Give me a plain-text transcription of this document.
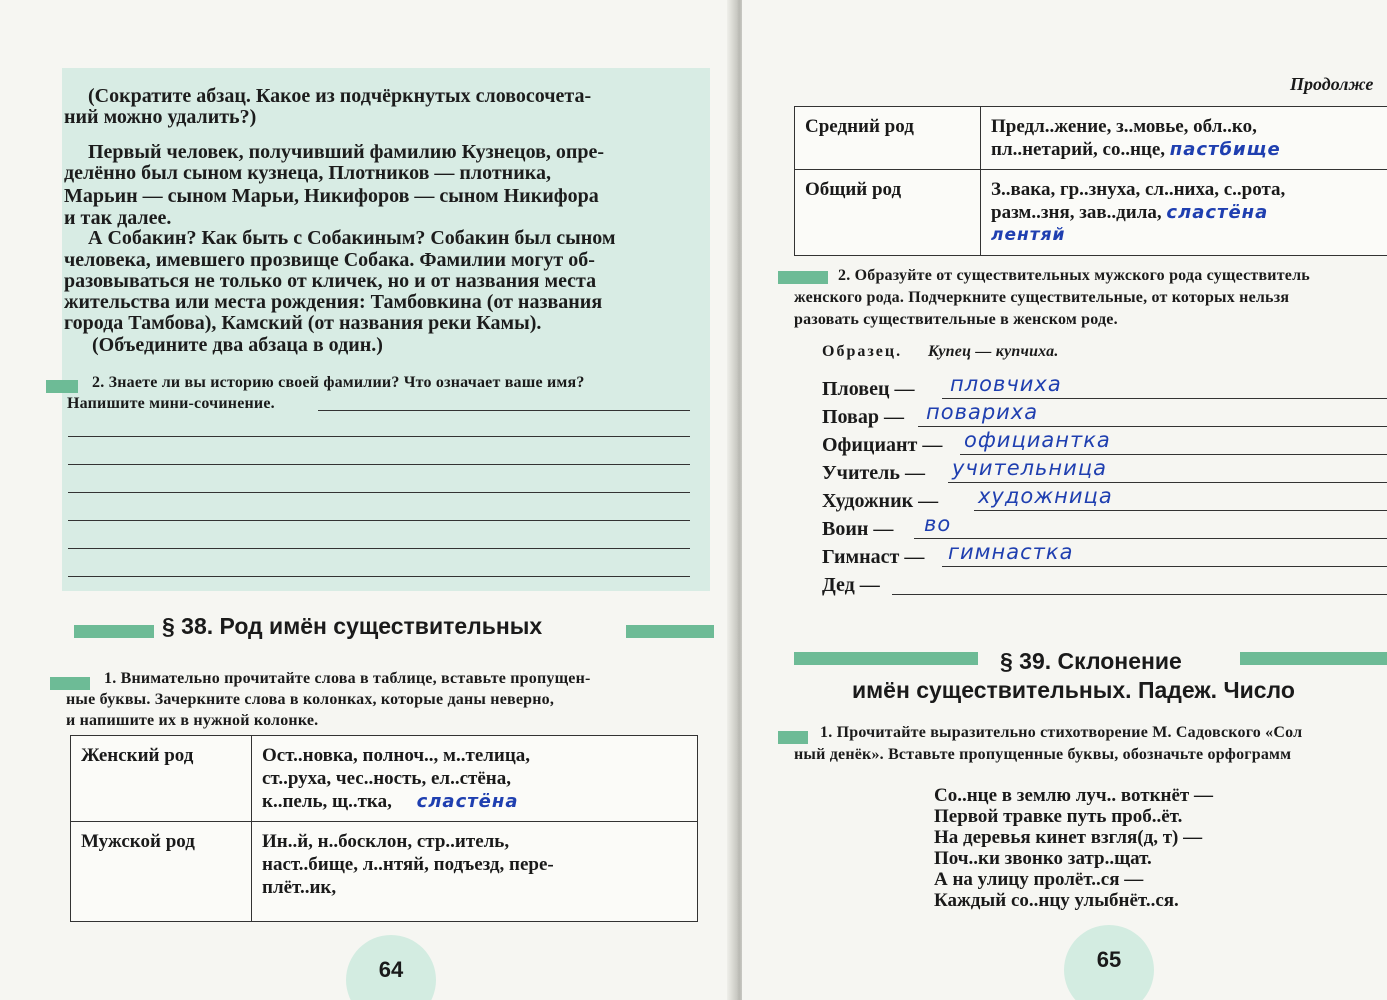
(Сократите абзац. Какое из подчёркнутых словосочета-
ний можно удалить?)
Первый человек, получивший фамилию Кузнецов, опре-
делённо был сыном кузнеца, Плотников — плотника,
Марьин — сыном Марьи, Никифоров — сыном Никифора
и так далее.
А Собакин? Как быть с Собакиным? Собакин был сыном
человека, имевшего прозвище Собака. Фамилии могут об-
разовываться не только от кличек, но и от названия места
жительства или места рождения: Тамбовкина (от названия
города Тамбова), Камский (от названия реки Камы).
(Объедините два абзаца в один.)
2. Знаете ли вы историю своей фамилии? Что означает ваше имя?
Напишите мини-сочинение.
§ 38. Род имён существительных
1. Внимательно прочитайте слова в таблице, вставьте пропущен-
ные буквы. Зачеркните слова в колонках, которые даны неверно,
и напишите их в нужной колонке.
Женский род	Ост..новка, полноч.., м..телица,
ст..руха, чес..ность, ел..стёна,
к..пель, щ..тка, сластёна

Мужской род	Ин..й, н..босклон, стр..итель,
наст..бище, л..нтяй, подъезд, пере-
плёт..ик,
64
Продолже
Средний род	Предл..жение, з..мовье, обл..ко,
пл..нетарий, со..нце, пастбище

Общий род	З..вака, гр..знуха, сл..ниха, с..рота,
разм..зня, зав..дила, сластёна
лентяй
2. Образуйте от существительных мужского рода существитель
женского рода. Подчеркните существительные, от которых нельзя
разовать существительные в женском роде.
Образец. Купец — купчиха.
Пловец — пловчиха
Повар — повариха
Официант — официантка
Учитель — учительница
Художник — художница
Воин — во
Гимнаст — гимнастка
Дед —
§ 39. Склонение
имён существительных. Падеж. Число
1. Прочитайте выразительно стихотворение М. Садовского «Сол
ный денёк». Вставьте пропущенные буквы, обозначьте орфограмм
Со..нце в землю луч.. воткнёт —
Первой травке путь проб..ёт.
На деревья кинет взгля(д, т) —
Поч..ки звонко затр..щат.
А на улицу пролёт..ся —
Каждый со..нцу улыбнёт..ся.
65
